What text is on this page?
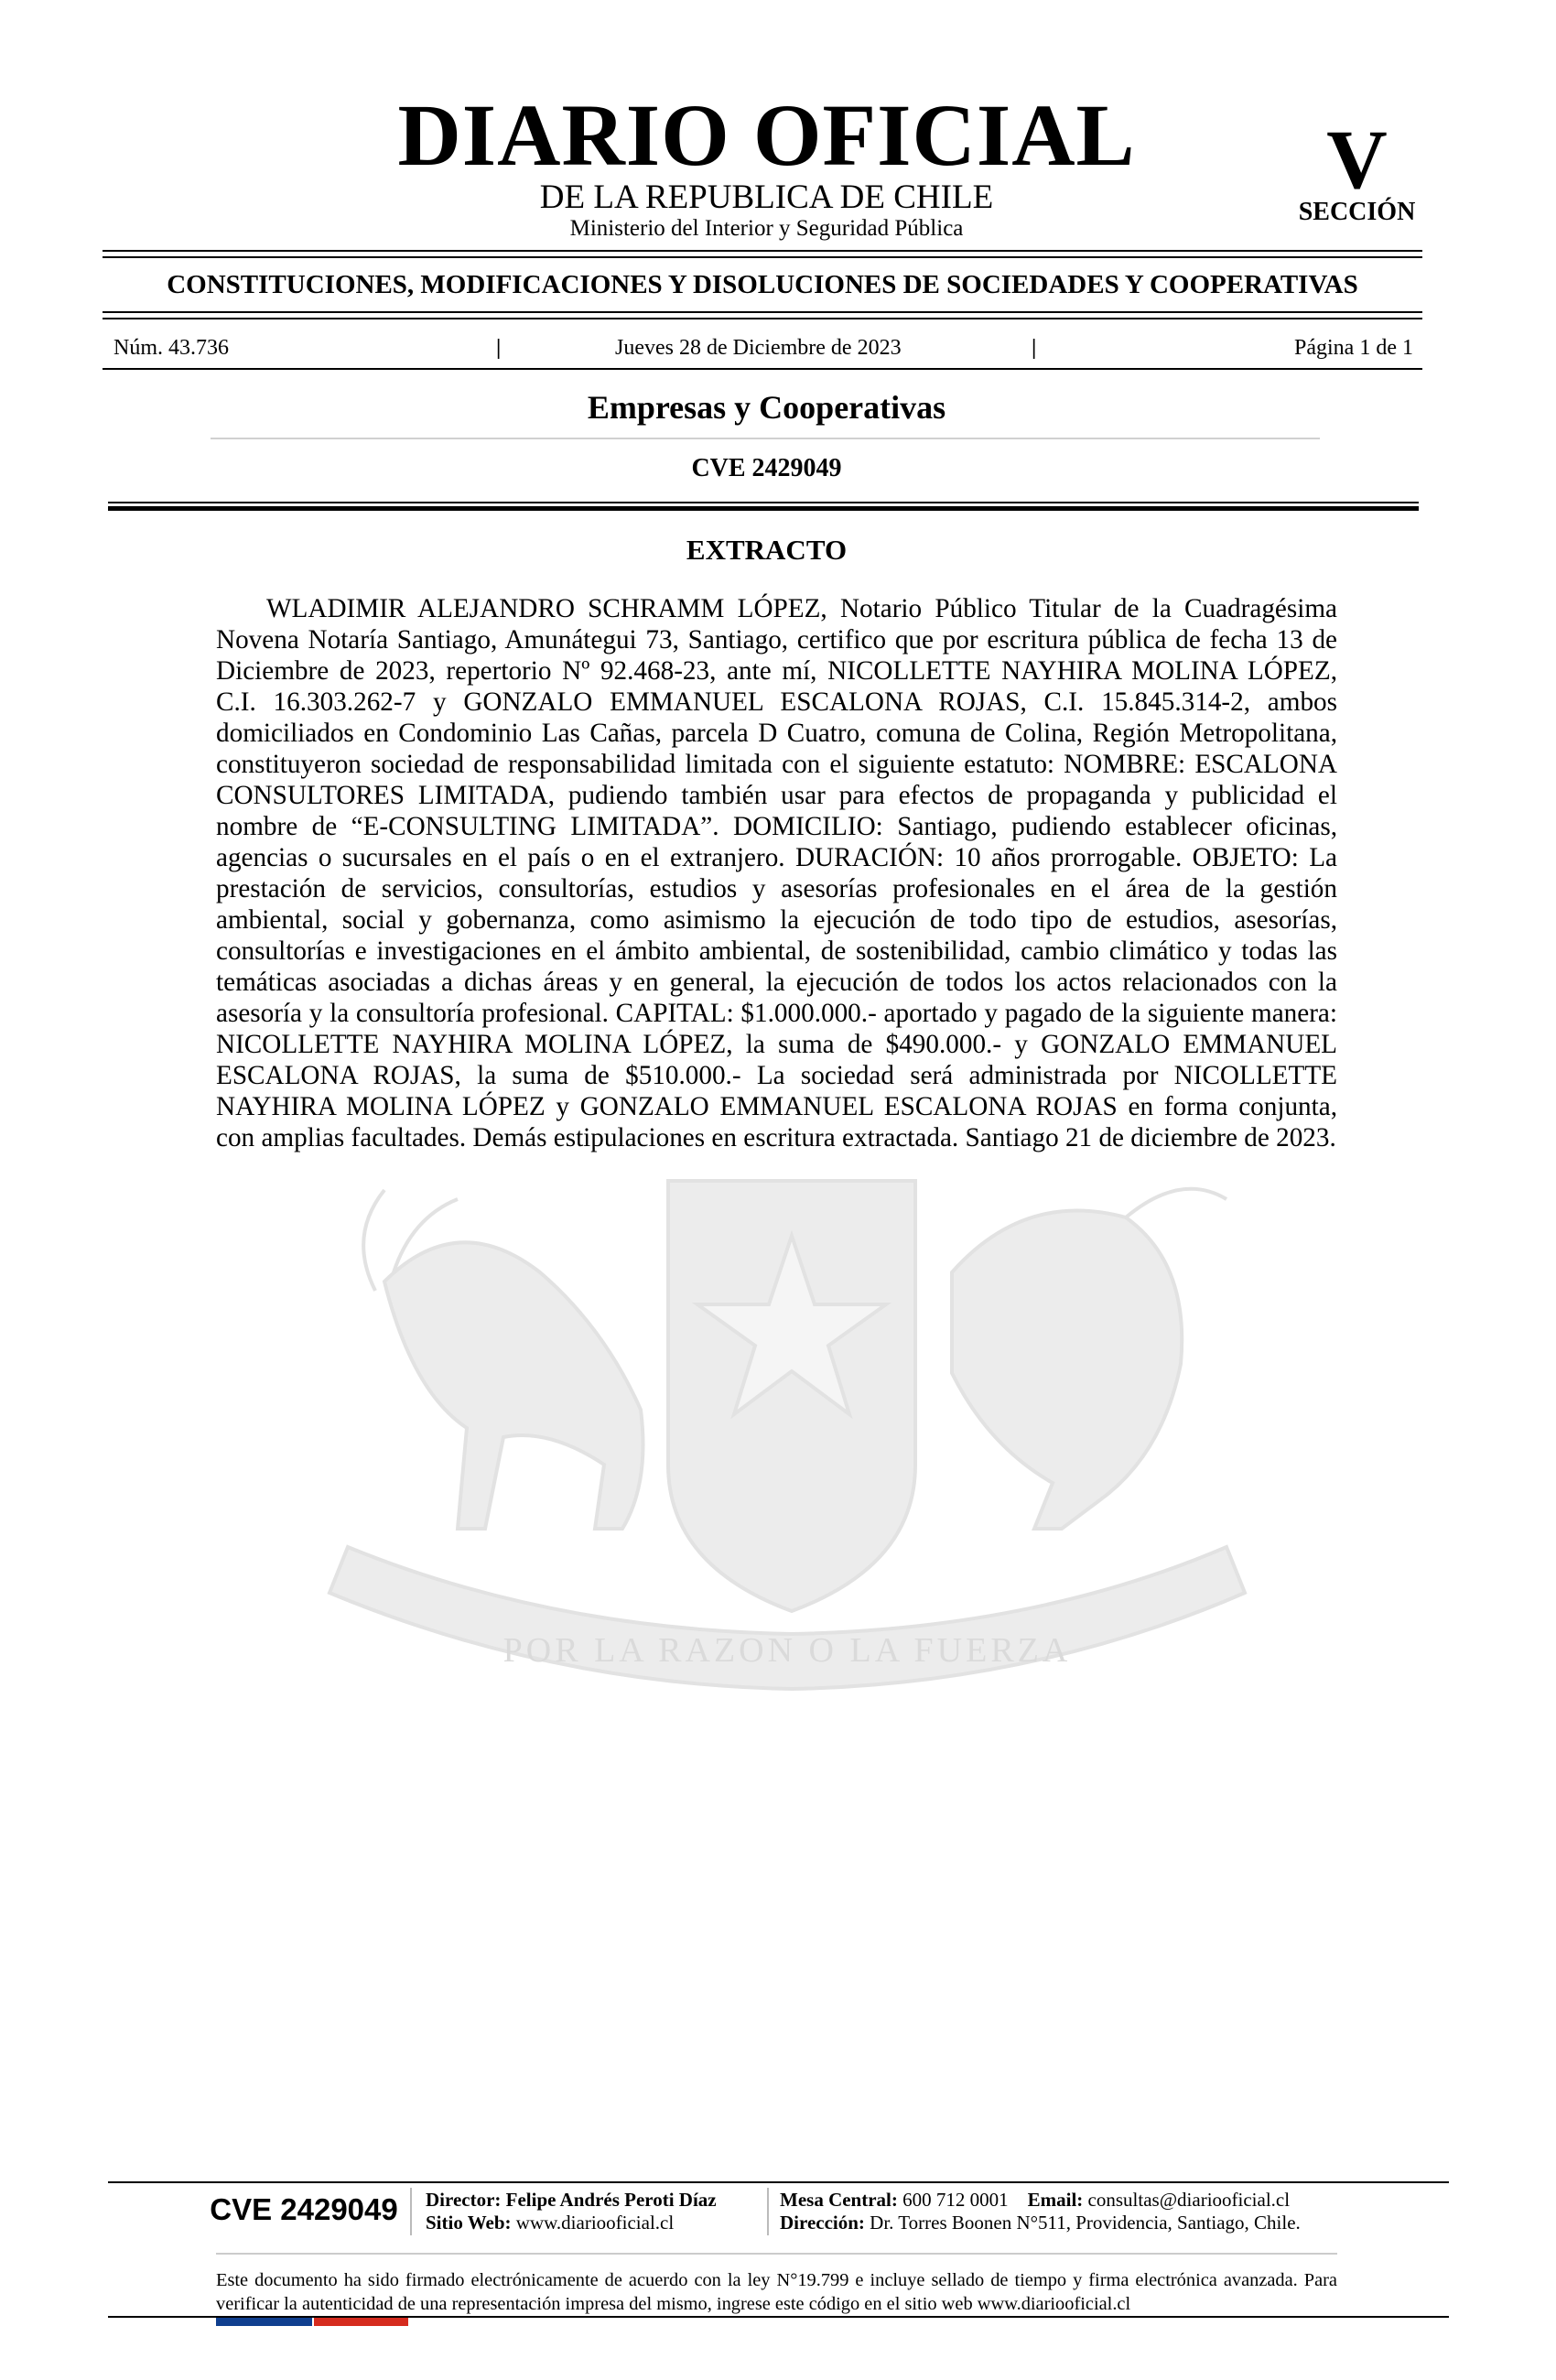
DIARIO OFICIAL
DE LA REPUBLICA DE CHILE
Ministerio del Interior y Seguridad Pública
V
SECCIÓN
CONSTITUCIONES, MODIFICACIONES Y DISOLUCIONES DE SOCIEDADES Y COOPERATIVAS
Núm. 43.736	|	Jueves 28 de Diciembre de 2023	|	Página 1 de 1
Empresas y Cooperativas
CVE 2429049
POR LA RAZON O LA FUERZA
EXTRACTO
WLADIMIR ALEJANDRO SCHRAMM LÓPEZ, Notario Público Titular de la Cuadragésima Novena Notaría Santiago, Amunátegui 73, Santiago, certifico que por escritura pública de fecha 13 de Diciembre de 2023, repertorio Nº 92.468-23, ante mí, NICOLLETTE NAYHIRA MOLINA LÓPEZ, C.I. 16.303.262-7 y GONZALO EMMANUEL ESCALONA ROJAS, C.I. 15.845.314-2, ambos domiciliados en Condominio Las Cañas, parcela D Cuatro, comuna de Colina, Región Metropolitana, constituyeron sociedad de responsabilidad limitada con el siguiente estatuto: NOMBRE: ESCALONA CONSULTORES LIMITADA, pudiendo también usar para efectos de propaganda y publicidad el nombre de “E-CONSULTING LIMITADA”. DOMICILIO: Santiago, pudiendo establecer oficinas, agencias o sucursales en el país o en el extranjero. DURACIÓN: 10 años prorrogable. OBJETO: La prestación de servicios, consultorías, estudios y asesorías profesionales en el área de la gestión ambiental, social y gobernanza, como asimismo la ejecución de todo tipo de estudios, asesorías, consultorías e investigaciones en el ámbito ambiental, de sostenibilidad, cambio climático y todas las temáticas asociadas a dichas áreas y en general, la ejecución de todos los actos relacionados con la asesoría y la consultoría profesional. CAPITAL: $1.000.000.- aportado y pagado de la siguiente manera: NICOLLETTE NAYHIRA MOLINA LÓPEZ, la suma de $490.000.- y GONZALO EMMANUEL ESCALONA ROJAS, la suma de $510.000.- La sociedad será administrada por NICOLLETTE NAYHIRA MOLINA LÓPEZ y GONZALO EMMANUEL ESCALONA ROJAS en forma conjunta, con amplias facultades. Demás estipulaciones en escritura extractada. Santiago 21 de diciembre de 2023.
CVE 2429049 Director: Felipe Andrés Peroti Díaz
Sitio Web: www.diariooficial.cl
Mesa Central: 600 712 0001 Email: consultas@diariooficial.cl
Dirección: Dr. Torres Boonen N°511, Providencia, Santiago, Chile.
Este documento ha sido firmado electrónicamente de acuerdo con la ley N°19.799 e incluye sellado de tiempo y firma electrónica avanzada. Para verificar la autenticidad de una representación impresa del mismo, ingrese este código en el sitio web www.diariooficial.cl
